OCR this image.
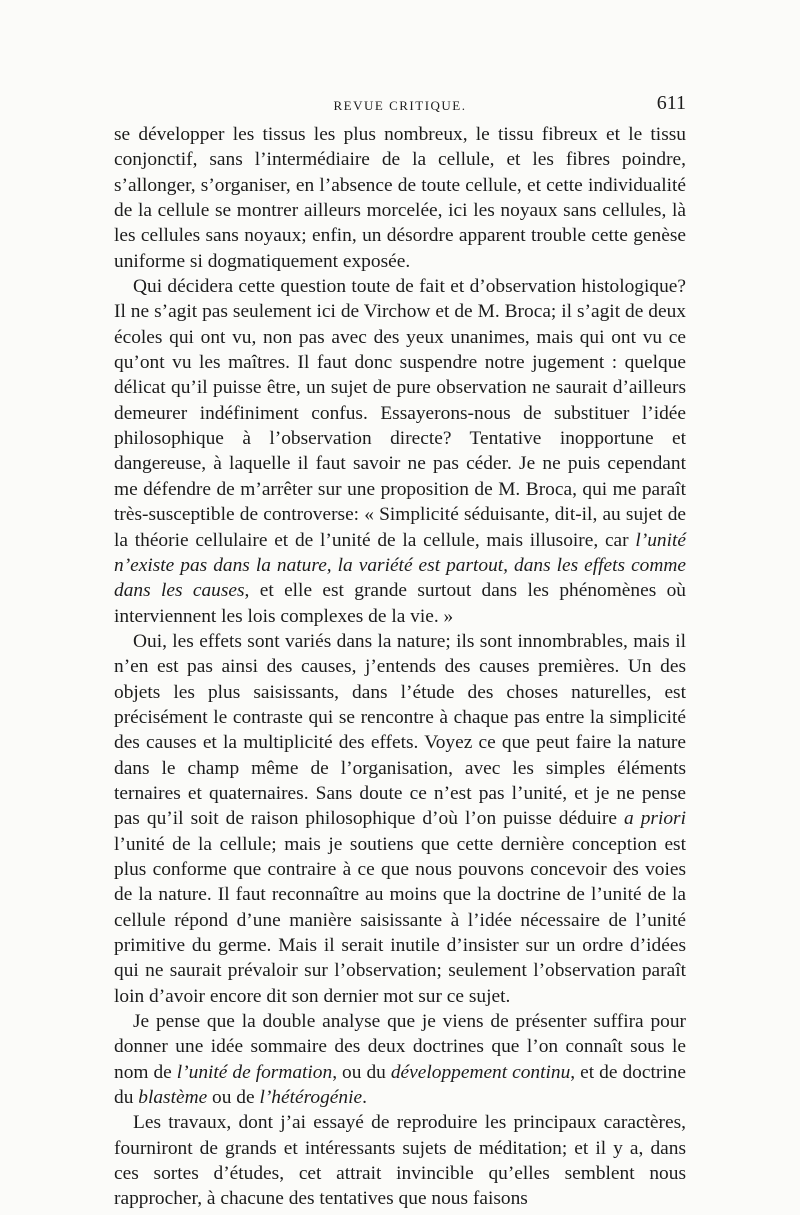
REVUE CRITIQUE.	611

se développer les tissus les plus nombreux, le tissu fibreux et le tissu conjonctif, sans l’intermédiaire de la cellule, et les fibres poindre, s’allonger, s’organiser, en l’absence de toute cellule, et cette individualité de la cellule se montrer ailleurs morcelée, ici les noyaux sans cellules, là les cellules sans noyaux; enfin, un désordre apparent trouble cette genèse uniforme si dogmatiquement exposée.

Qui décidera cette question toute de fait et d’observation histologique? Il ne s’agit pas seulement ici de Virchow et de M. Broca; il s’agit de deux écoles qui ont vu, non pas avec des yeux unanimes, mais qui ont vu ce qu’ont vu les maîtres. Il faut donc suspendre notre jugement : quelque délicat qu’il puisse être, un sujet de pure observation ne saurait d’ailleurs demeurer indéfiniment confus. Essayerons-nous de substituer l’idée philosophique à l’observation directe? Tentative inopportune et dangereuse, à laquelle il faut savoir ne pas céder. Je ne puis cependant me défendre de m’arrêter sur une proposition de M. Broca, qui me paraît très-susceptible de controverse: « Simplicité séduisante, dit-il, au sujet de la théorie cellulaire et de l’unité de la cellule, mais illusoire, car l’unité n’existe pas dans la nature, la variété est partout, dans les effets comme dans les causes, et elle est grande surtout dans les phénomènes où interviennent les lois complexes de la vie. »

Oui, les effets sont variés dans la nature; ils sont innombrables, mais il n’en est pas ainsi des causes, j’entends des causes premières. Un des objets les plus saisissants, dans l’étude des choses naturelles, est précisément le contraste qui se rencontre à chaque pas entre la simplicité des causes et la multiplicité des effets. Voyez ce que peut faire la nature dans le champ même de l’organisation, avec les simples éléments ternaires et quaternaires. Sans doute ce n’est pas l’unité, et je ne pense pas qu’il soit de raison philosophique d’où l’on puisse déduire a priori l’unité de la cellule; mais je soutiens que cette dernière conception est plus conforme que contraire à ce que nous pouvons concevoir des voies de la nature. Il faut reconnaître au moins que la doctrine de l’unité de la cellule répond d’une manière saisissante à l’idée nécessaire de l’unité primitive du germe. Mais il serait inutile d’insister sur un ordre d’idées qui ne saurait prévaloir sur l’observation; seulement l’observation paraît loin d’avoir encore dit son dernier mot sur ce sujet.

Je pense que la double analyse que je viens de présenter suffira pour donner une idée sommaire des deux doctrines que l’on connaît sous le nom de l’unité de formation, ou du développement continu, et de doctrine du blastème ou de l’hétérogénie.

Les travaux, dont j’ai essayé de reproduire les principaux caractères, fourniront de grands et intéressants sujets de méditation; et il y a, dans ces sortes d’études, cet attrait invincible qu’elles semblent nous rapprocher, à chacune des tentatives que nous faisons
